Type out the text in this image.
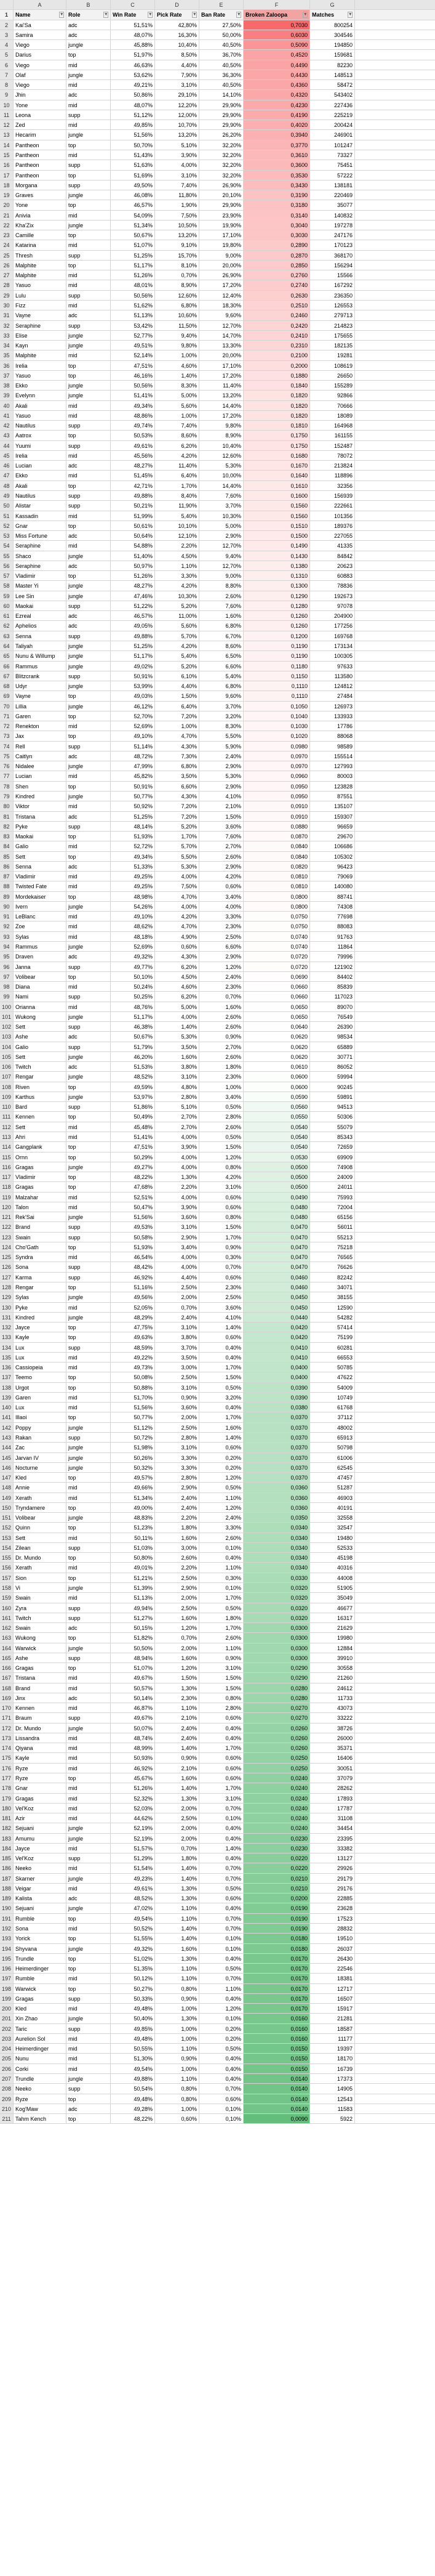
A	B	C	D	E	F	G
1	Name	▾	Role	▾	Win Rate	▾	Pick Rate	▾	Ban Rate	▾	Broken Zaloopa	▾	Matches	▾
2	Kai'Sa	adc	51,51%	42,80%	27,50%	0,7030	800254
3	Samira	adc	48,07%	16,30%	50,00%	0,6030	304546
4	Viego	jungle	45,88%	10,40%	40,50%	0,5090	194850
5	Darius	top	51,97%	8,50%	36,70%	0,4520	159681
6	Viego	mid	46,63%	4,40%	40,50%	0,4490	82230
7	Olaf	jungle	53,62%	7,90%	36,30%	0,4430	148513
8	Viego	mid	49,21%	3,10%	40,50%	0,4360	58472
9	Jhin	adc	50,86%	29,10%	14,10%	0,4320	543402
10	Yone	mid	48,07%	12,20%	29,90%	0,4230	227436
11	Leona	supp	51,12%	12,00%	29,90%	0,4190	225219
12	Zed	mid	49,85%	10,70%	29,90%	0,4020	200424
13	Hecarim	jungle	51,56%	13,20%	26,20%	0,3940	246901
14	Pantheon	top	50,70%	5,10%	32,20%	0,3770	101247
15	Pantheon	mid	51,43%	3,90%	32,20%	0,3610	73327
16	Pantheon	supp	51,63%	4,00%	32,20%	0,3600	75451
17	Pantheon	top	51,69%	3,10%	32,20%	0,3530	57222
18	Morgana	supp	49,50%	7,40%	26,90%	0,3430	138181
19	Graves	jungle	46,08%	11,80%	20,10%	0,3190	220469
20	Yone	top	46,57%	1,90%	29,90%	0,3180	35077
21	Anivia	mid	54,09%	7,50%	23,90%	0,3140	140832
22	Kha'Zix	jungle	51,34%	10,50%	19,90%	0,3040	197278
23	Camille	top	50,67%	13,20%	17,10%	0,3030	247176
24	Katarina	mid	51,07%	9,10%	19,80%	0,2890	170123
25	Thresh	supp	51,25%	15,70%	9,00%	0,2870	368170
26	Malphite	top	51,17%	8,10%	20,00%	0,2850	156294
27	Malphite	mid	51,26%	0,70%	26,90%	0,2760	15566
28	Yasuo	mid	48,01%	8,90%	17,20%	0,2740	167292
29	Lulu	supp	50,56%	12,60%	12,40%	0,2630	236350
30	Fizz	mid	51,62%	6,80%	18,30%	0,2510	126553
31	Vayne	adc	51,13%	10,60%	9,60%	0,2460	279713
32	Seraphine	supp	53,42%	11,50%	12,70%	0,2420	214823
33	Elise	jungle	52,77%	9,40%	14,70%	0,2410	175655
34	Kayn	jungle	49,51%	9,80%	13,30%	0,2310	182135
35	Malphite	mid	52,14%	1,00%	20,00%	0,2100	19281
36	Irelia	top	47,51%	4,60%	17,10%	0,2000	108619
37	Yasuo	top	46,16%	1,40%	17,20%	0,1880	26650
38	Ekko	jungle	50,56%	8,30%	11,40%	0,1840	155289
39	Evelynn	jungle	51,41%	5,00%	13,20%	0,1820	92866
40	Akali	mid	49,34%	5,60%	14,40%	0,1820	70666
41	Yasuo	mid	48,86%	1,00%	17,20%	0,1820	18089
42	Nautilus	supp	49,74%	7,40%	9,80%	0,1810	164968
43	Aatrox	top	50,53%	8,60%	8,90%	0,1750	161155
44	Yuumi	supp	49,61%	6,20%	10,40%	0,1750	152487
45	Irelia	mid	45,56%	4,20%	12,60%	0,1680	78072
46	Lucian	adc	48,27%	11,40%	5,30%	0,1670	213824
47	Ekko	mid	51,45%	6,40%	10,00%	0,1640	118896
48	Akali	top	42,71%	1,70%	14,40%	0,1610	32356
49	Nautilus	supp	49,88%	8,40%	7,60%	0,1600	156939
50	Alistar	supp	50,21%	11,90%	3,70%	0,1560	222661
51	Kassadin	mid	51,99%	5,40%	10,30%	0,1560	101356
52	Gnar	top	50,61%	10,10%	5,00%	0,1510	189376
53	Miss Fortune	adc	50,64%	12,10%	2,90%	0,1500	227055
54	Seraphine	mid	54,88%	2,20%	12,70%	0,1490	41335
55	Shaco	jungle	51,40%	4,50%	9,40%	0,1430	84842
56	Seraphine	adc	50,97%	1,10%	12,70%	0,1380	20623
57	Vladimir	top	51,26%	3,30%	9,00%	0,1310	60883
58	Master Yi	jungle	48,27%	4,20%	8,80%	0,1300	78836
59	Lee Sin	jungle	47,46%	10,30%	2,60%	0,1290	192673
60	Maokai	supp	51,22%	5,20%	7,60%	0,1280	97078
61	Ezreal	adc	46,57%	11,00%	1,60%	0,1260	204900
62	Aphelios	adc	49,05%	5,60%	6,80%	0,1260	177256
63	Senna	supp	49,88%	5,70%	6,70%	0,1200	169768
64	Taliyah	jungle	51,25%	4,20%	8,60%	0,1190	173134
65	Nunu & Willump	jungle	51,17%	5,40%	6,50%	0,1190	100305
66	Rammus	jungle	49,02%	5,20%	6,60%	0,1180	97633
67	Blitzcrank	supp	50,91%	6,10%	5,40%	0,1150	113580
68	Udyr	jungle	53,99%	4,40%	6,80%	0,1110	124812
69	Vayne	top	49,03%	1,50%	9,60%	0,1110	27484
70	Lillia	jungle	46,12%	6,40%	3,70%	0,1050	126973
71	Garen	top	52,70%	7,20%	3,20%	0,1040	133933
72	Renekton	mid	52,69%	1,00%	8,30%	0,1030	17786
73	Jax	top	49,10%	4,70%	5,50%	0,1020	88068
74	Rell	supp	51,14%	4,30%	5,90%	0,0980	98589
75	Caitlyn	adc	48,72%	7,30%	2,40%	0,0970	155514
76	Nidalee	jungle	47,99%	6,80%	2,90%	0,0970	127993
77	Lucian	mid	45,82%	3,50%	5,30%	0,0960	80003
78	Shen	top	50,91%	6,60%	2,90%	0,0950	123828
79	Kindred	jungle	50,77%	4,30%	4,10%	0,0950	87551
80	Viktor	mid	50,92%	7,20%	2,10%	0,0910	135107
81	Tristana	adc	51,25%	7,20%	1,50%	0,0910	159307
82	Pyke	supp	48,14%	5,20%	3,60%	0,0880	96659
83	Maokai	top	51,93%	1,70%	7,60%	0,0870	29670
84	Galio	mid	52,72%	5,70%	2,70%	0,0840	106686
85	Sett	top	49,34%	5,50%	2,60%	0,0840	105302
86	Senna	adc	51,33%	5,30%	2,90%	0,0820	96423
87	Vladimir	mid	49,25%	4,00%	4,20%	0,0810	79069
88	Twisted Fate	mid	49,25%	7,50%	0,60%	0,0810	140080
89	Mordekaiser	top	48,98%	4,70%	3,40%	0,0800	88741
90	Ivern	jungle	54,26%	4,00%	4,00%	0,0800	74308
91	LeBlanc	mid	49,10%	4,20%	3,30%	0,0750	77698
92	Zoe	mid	48,62%	4,70%	2,30%	0,0750	88083
93	Sylas	mid	48,18%	4,90%	2,50%	0,0740	91763
94	Rammus	jungle	52,69%	0,60%	6,60%	0,0740	11864
95	Draven	adc	49,32%	4,30%	2,90%	0,0720	79996
96	Janna	supp	49,77%	6,20%	1,20%	0,0720	121902
97	Volibear	top	50,10%	4,50%	2,40%	0,0690	84402
98	Diana	mid	50,24%	4,60%	2,30%	0,0660	85839
99	Nami	supp	50,25%	6,20%	0,70%	0,0660	117023
100 Orianna	mid	48,76%	5,00%	1,60%	0,0650	89070
101 Wukong	jungle	51,17%	4,00%	2,60%	0,0650	76549
102 Sett	supp	46,38%	1,40%	2,60%	0,0640	26390
103 Ashe	adc	50,67%	5,30%	0,90%	0,0620	98534
104 Galio	supp	51,79%	3,50%	2,70%	0,0620	65889
105 Sett	jungle	46,20%	1,60%	2,60%	0,0620	30771
106 Twitch	adc	51,53%	3,80%	1,80%	0,0610	86052
107 Rengar	jungle	48,52%	3,10%	2,30%	0,0600	59994
108 Riven	top	49,59%	4,80%	1,00%	0,0600	90245
109 Karthus	jungle	53,97%	2,80%	3,40%	0,0590	59891
110 Bard	supp	51,86%	5,10%	0,50%	0,0560	94513
111 Kennen	top	50,49%	2,70%	2,80%	0,0550	50306
112 Sett	mid	45,48%	2,70%	2,60%	0,0540	55079
113 Ahri	mid	51,41%	4,00%	0,50%	0,0540	85343
114 Gangplank	top	47,51%	3,90%	1,50%	0,0540	72659
115 Ornn	top	50,29%	4,00%	1,20%	0,0530	69909
116 Gragas	jungle	49,27%	4,00%	0,80%	0,0500	74908
117 Vladimir	top	48,22%	1,30%	4,20%	0,0500	24009
118 Gragas	top	47,68%	2,20%	3,10%	0,0500	24011
119 Malzahar	mid	52,51%	4,00%	0,60%	0,0490	75993
120 Talon	mid	50,47%	3,90%	0,60%	0,0480	72004
121 Rek'Sai	jungle	51,56%	3,60%	0,80%	0,0480	65156
122 Brand	supp	49,53%	3,10%	1,50%	0,0470	56011
123 Swain	supp	50,58%	2,90%	1,70%	0,0470	55213
124 Cho'Gath	top	51,93%	3,40%	0,90%	0,0470	75218
125 Syndra	mid	46,54%	4,00%	0,30%	0,0470	76565
126 Sona	supp	48,42%	4,00%	0,70%	0,0470	76626
127 Karma	supp	46,92%	4,40%	0,60%	0,0460	82242
128 Rengar	top	51,16%	2,50%	2,30%	0,0460	34071
129 Sylas	jungle	49,56%	2,00%	2,50%	0,0450	38155
130 Pyke	mid	52,05%	0,70%	3,60%	0,0450	12590
131 Kindred	jungle	48,29%	2,40%	4,10%	0,0440	54282
132 Jayce	top	47,75%	3,10%	1,40%	0,0420	57414
133 Kayle	top	49,63%	3,80%	0,60%	0,0420	75199
134 Lux	supp	48,59%	3,70%	0,40%	0,0410	60281
135 Lux	mid	49,22%	3,50%	0,40%	0,0410	66553
136 Cassiopeia	mid	49,73%	3,00%	1,70%	0,0400	50785
137 Teemo	top	50,08%	2,50%	1,50%	0,0400	47622
138 Urgot	top	50,88%	3,10%	0,50%	0,0390	54009
139 Garen	mid	51,70%	0,90%	3,20%	0,0390	10749
140 Lux	mid	51,56%	3,60%	0,40%	0,0380	61768
141 Illaoi	top	50,77%	2,00%	1,70%	0,0370	37112
142 Poppy	jungle	51,12%	2,50%	1,60%	0,0370	48002
143 Rakan	supp	50,72%	2,80%	1,40%	0,0370	65913
144 Zac	jungle	51,98%	3,10%	0,60%	0,0370	50798
145 Jarvan IV	jungle	50,26%	3,30%	0,20%	0,0370	61006
146 Nocturne	jungle	50,32%	3,30%	0,20%	0,0370	62545
147 Kled	top	49,57%	2,80%	1,20%	0,0370	47457
148 Annie	mid	49,66%	2,90%	0,50%	0,0360	51287
149 Xerath	mid	51,34%	2,40%	1,10%	0,0360	46903
150 Tryndamere	top	49,00%	2,40%	1,20%	0,0360	40191
151 Volibear	jungle	48,83%	2,20%	2,40%	0,0350	32558
152 Quinn	top	51,23%	1,80%	3,30%	0,0340	32547
153 Sett	mid	50,11%	1,60%	2,60%	0,0340	19480
154 Zilean	supp	51,03%	3,00%	0,10%	0,0340	52533
155 Dr. Mundo	top	50,80%	2,60%	0,40%	0,0340	45198
156 Xerath	mid	49,01%	2,20%	1,10%	0,0340	40316
157 Sion	top	51,21%	2,50%	0,30%	0,0330	44008
158 Vi	jungle	51,39%	2,90%	0,10%	0,0320	51905
159 Swain	mid	51,13%	2,00%	1,70%	0,0320	35049
160 Zyra	supp	49,94%	2,50%	0,50%	0,0320	46677
161 Twitch	supp	51,27%	1,60%	1,80%	0,0320	16317
162 Swain	adc	50,15%	1,20%	1,70%	0,0300	21629
163 Wukong	top	51,82%	0,70%	2,60%	0,0300	19980
164 Warwick	jungle	50,50%	2,00%	1,10%	0,0300	12884
165 Ashe	supp	48,94%	1,60%	0,90%	0,0300	39910
166 Gragas	top	51,07%	1,20%	3,10%	0,0290	30558
167 Tristana	mid	49,67%	1,50%	1,50%	0,0290	21260
168 Brand	mid	50,57%	1,30%	1,50%	0,0280	24612
169 Jinx	adc	50,14%	2,30%	0,80%	0,0280	11733
170 Kennen	mid	46,87%	1,10%	2,80%	0,0270	43073
171 Braum	supp	49,67%	2,10%	0,60%	0,0270	33222
172 Dr. Mundo	jungle	50,07%	2,40%	0,40%	0,0260	38726
173 Lissandra	mid	48,74%	2,40%	0,40%	0,0260	26000
174 Qiyana	mid	48,99%	1,40%	1,70%	0,0260	35371
175 Kayle	mid	50,93%	0,90%	0,60%	0,0250	16406
176 Ryze	mid	46,92%	2,10%	0,60%	0,0250	30051
177 Ryze	top	45,67%	1,60%	0,60%	0,0240	37079
178 Gnar	mid	51,26%	1,40%	1,70%	0,0240	28262
179 Gragas	mid	52,32%	1,30%	3,10%	0,0240	17893
180 Vel'Koz	mid	52,03%	2,00%	0,70%	0,0240	17787
181 Azir	mid	44,62%	2,50%	0,10%	0,0240	31108
182 Sejuani	jungle	52,19%	2,00%	0,40%	0,0240	34454
183 Amumu	jungle	52,19%	2,00%	0,40%	0,0230	23395
184 Jayce	mid	51,57%	0,70%	1,40%	0,0230	33382
185 Vel'Koz	supp	51,29%	1,80%	0,40%	0,0220	13127
186 Neeko	mid	51,54%	1,40%	0,70%	0,0220	29926
187 Skarner	jungle	49,23%	1,40%	0,70%	0,0210	29179
188 Veigar	mid	49,61%	1,30%	0,50%	0,0210	29176
189 Kalista	adc	48,52%	1,30%	0,60%	0,0200	22885
190 Sejuani	jungle	47,02%	1,10%	0,40%	0,0190	23628
191 Rumble	top	49,54%	1,10%	0,70%	0,0190	17523
192 Sona	mid	50,52%	1,40%	0,70%	0,0190	28832
193 Yorick	top	51,55%	1,40%	0,10%	0,0180	19510
194 Shyvana	jungle	49,32%	1,60%	0,10%	0,0180	26037
195 Trundle	top	51,02%	1,30%	0,40%	0,0170	26430
196 Heimerdinger	top	51,35%	1,10%	0,50%	0,0170	22546
197 Rumble	mid	50,12%	1,10%	0,70%	0,0170	18381
198 Warwick	top	50,27%	0,80%	1,10%	0,0170	12717
199 Gragas	supp	50,33%	0,90%	0,40%	0,0170	16507
200 Kled	mid	49,48%	1,00%	1,20%	0,0170	15917
201 Xin Zhao	jungle	50,40%	1,30%	0,10%	0,0160	21281
202 Taric	supp	49,85%	1,00%	0,20%	0,0160	18587
203 Aurelion Sol	mid	49,48%	1,00%	0,20%	0,0160	11177
204 Heimerdinger	mid	50,55%	1,10%	0,50%	0,0150	19397
205 Nunu	mid	51,30%	0,90%	0,40%	0,0150	18170
206 Corki	mid	49,54%	1,00%	0,40%	0,0150	16739
207 Trundle	jungle	49,88%	1,10%	0,40%	0,0140	17373
208 Neeko	supp	50,54%	0,80%	0,70%	0,0140	14905
209 Ryze	top	49,48%	0,80%	0,60%	0,0140	12543
210 Kog'Maw	adc	49,28%	1,00%	0,10%	0,0140	11583
211 Tahm Kench	top	48,22%	0,60%	0,10%	0,0090	5922
